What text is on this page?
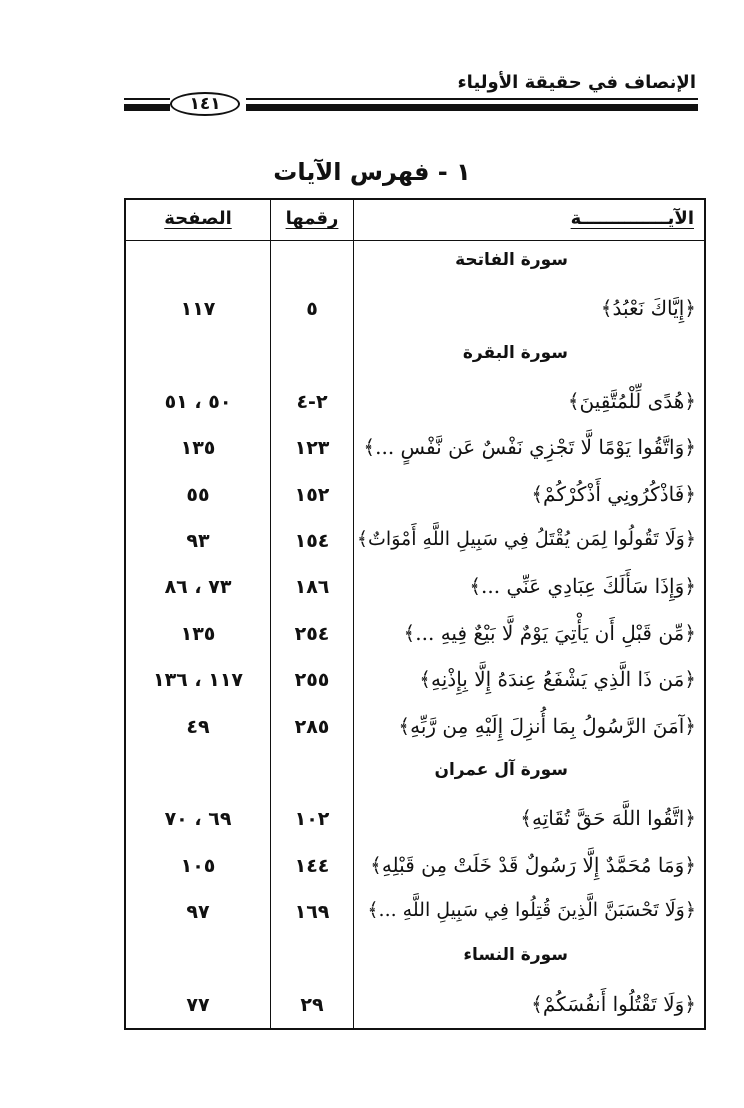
الإنصاف في حقيقة الأولياء
١٤١
١ - فهرس الآيات
الآيــــــــــــــة
رقمها
الصفحة
سورة الفاتحة
﴿إِيَّاكَ نَعْبُدُ﴾
٥
١١٧
سورة البقرة
﴿هُدًى لِّلْمُتَّقِينَ﴾
٢-٤
٥٠ ، ٥١
﴿وَاتَّقُوا يَوْمًا لَّا تَجْزِي نَفْسٌ عَن نَّفْسٍ ...﴾
١٢٣
١٣٥
﴿فَاذْكُرُونِي أَذْكُرْكُمْ﴾
١٥٢
٥٥
﴿وَلَا تَقُولُوا لِمَن يُقْتَلُ فِي سَبِيلِ اللَّهِ أَمْوَاتٌ﴾
١٥٤
٩٣
﴿وَإِذَا سَأَلَكَ عِبَادِي عَنِّي ...﴾
١٨٦
٧٣ ، ٨٦
﴿مِّن قَبْلِ أَن يَأْتِيَ يَوْمٌ لَّا بَيْعٌ فِيهِ ...﴾
٢٥٤
١٣٥
﴿مَن ذَا الَّذِي يَشْفَعُ عِندَهُ إِلَّا بِإِذْنِهِ﴾
٢٥٥
١١٧ ، ١٣٦
﴿آمَنَ الرَّسُولُ بِمَا أُنزِلَ إِلَيْهِ مِن رَّبِّهِ﴾
٢٨٥
٤٩
سورة آل عمران
﴿اتَّقُوا اللَّهَ حَقَّ تُقَاتِهِ﴾
١٠٢
٦٩ ، ٧٠
﴿وَمَا مُحَمَّدٌ إِلَّا رَسُولٌ قَدْ خَلَتْ مِن قَبْلِهِ﴾
١٤٤
١٠٥
﴿وَلَا تَحْسَبَنَّ الَّذِينَ قُتِلُوا فِي سَبِيلِ اللَّهِ ...﴾
١٦٩
٩٧
سورة النساء
﴿وَلَا تَقْتُلُوا أَنفُسَكُمْ﴾
٢٩
٧٧
